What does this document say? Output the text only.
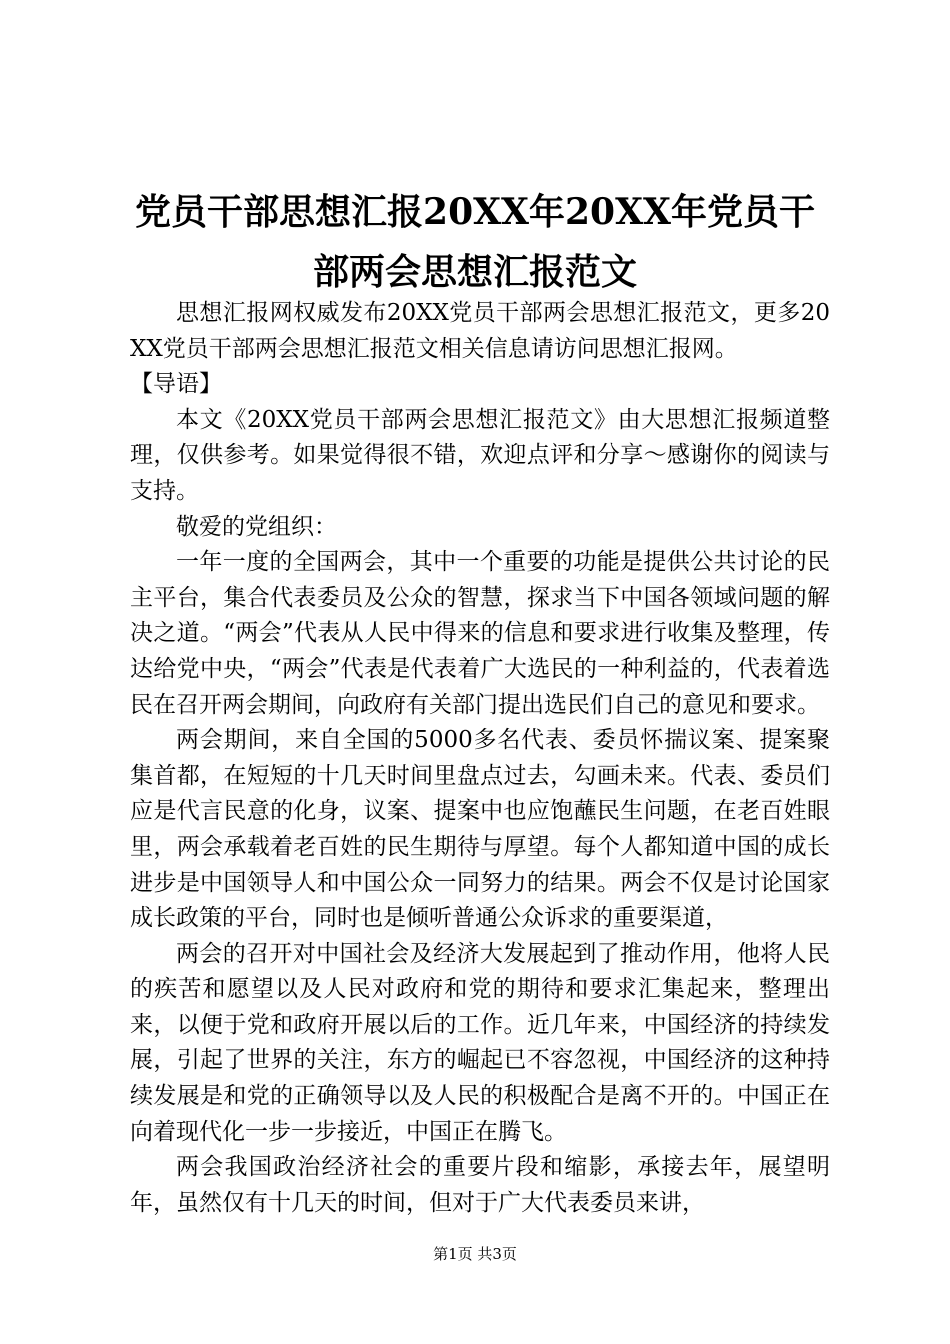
党员干部思想汇报20XX年20XX年党员干部两会思想汇报范文

思想汇报网权威发布20XX党员干部两会思想汇报范文，更多20XX党员干部两会思想汇报范文相关信息请访问思想汇报网。

【导语】

本文《20XX党员干部两会思想汇报范文》由大思想汇报频道整理，仅供参考。如果觉得很不错，欢迎点评和分享～感谢你的阅读与支持。

敬爱的党组织：

一年一度的全国两会，其中一个重要的功能是提供公共讨论的民主平台，集合代表委员及公众的智慧，探求当下中国各领域问题的解决之道。“两会”代表从人民中得来的信息和要求进行收集及整理，传达给党中央，“两会”代表是代表着广大选民的一种利益的，代表着选民在召开两会期间，向政府有关部门提出选民们自己的意见和要求。

两会期间，来自全国的5000多名代表、委员怀揣议案、提案聚集首都，在短短的十几天时间里盘点过去，勾画未来。代表、委员们应是代言民意的化身，议案、提案中也应饱蘸民生问题，在老百姓眼里，两会承载着老百姓的民生期待与厚望。每个人都知道中国的成长进步是中国领导人和中国公众一同努力的结果。两会不仅是讨论国家成长政策的平台，同时也是倾听普通公众诉求的重要渠道，

两会的召开对中国社会及经济大发展起到了推动作用，他将人民的疾苦和愿望以及人民对政府和党的期待和要求汇集起来，整理出来，以便于党和政府开展以后的工作。近几年来，中国经济的持续发展，引起了世界的关注，东方的崛起已不容忽视，中国经济的这种持续发展是和党的正确领导以及人民的积极配合是离不开的。中国正在向着现代化一步一步接近，中国正在腾飞。

两会我国政治经济社会的重要片段和缩影，承接去年，展望明年，虽然仅有十几天的时间，但对于广大代表委员来讲，

第1页 共3页
